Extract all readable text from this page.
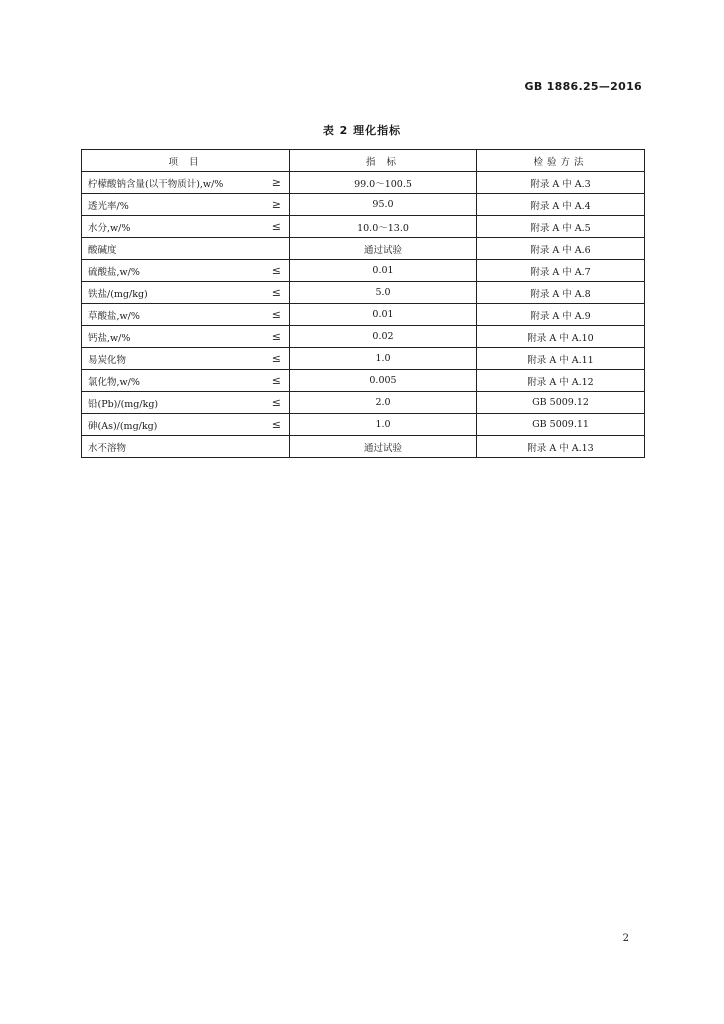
GB 1886.25—2016
表 2 理化指标
项 目	指 标	检验方法

柠檬酸钠含量(以干物质计),w/% ≥	99.0～100.5	附录 A 中 A.3

透光率/% ≥	95.0	附录 A 中 A.4

水分,w/% ≤	10.0～13.0	附录 A 中 A.5

酸碱度	通过试验	附录 A 中 A.6

硫酸盐,w/% ≤	0.01	附录 A 中 A.7

铁盐/(mg/kg) ≤	5.0	附录 A 中 A.8

草酸盐,w/% ≤	0.01	附录 A 中 A.9

钙盐,w/% ≤	0.02	附录 A 中 A.10

易炭化物 ≤	1.0	附录 A 中 A.11

氯化物,w/% ≤	0.005	附录 A 中 A.12

铅(Pb)/(mg/kg) ≤	2.0	GB 5009.12

砷(As)/(mg/kg) ≤	1.0	GB 5009.11

水不溶物	通过试验	附录 A 中 A.13
2
